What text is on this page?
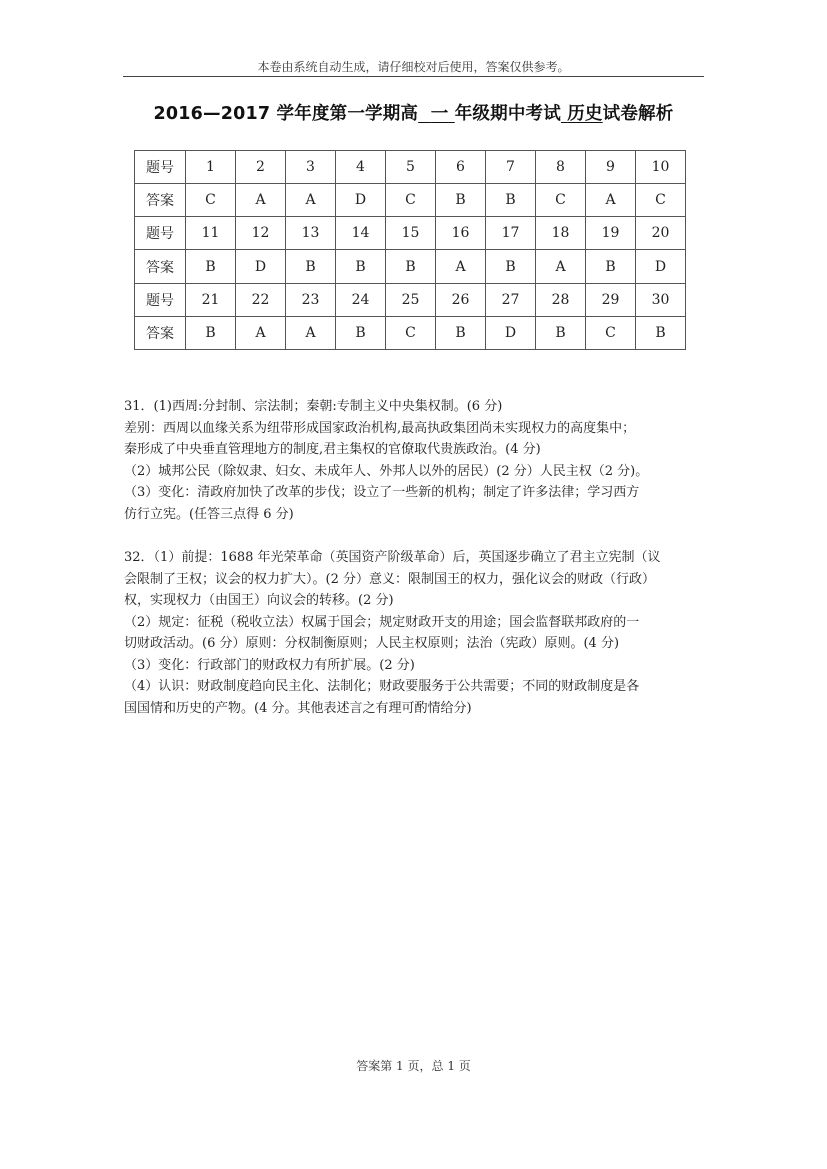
本卷由系统自动生成，请仔细校对后使用，答案仅供参考。
2016—2017 学年度第一学期高 一 年级期中考试 历史试卷解析
题号	1	2	3	4	5	6	7	8	9	10
答案	C	A	A	D	C	B	B	C	A	C
题号	11	12	13	14	15	16	17	18	19	20
答案	B	D	B	B	B	A	B	A	B	D
题号	21	22	23	24	25	26	27	28	29	30
答案	B	A	A	B	C	B	D	B	C	B

31．(1)西周:分封制、宗法制；秦朝:专制主义中央集权制。(6 分)

差别：西周以血缘关系为纽带形成国家政治机构,最高执政集团尚未实现权力的高度集中；

秦形成了中央垂直管理地方的制度,君主集权的官僚取代贵族政治。(4 分)

（2）城邦公民（除奴隶、妇女、未成年人、外邦人以外的居民）(2 分）人民主权（2 分)。

（3）变化：清政府加快了改革的步伐；设立了一些新的机构；制定了许多法律；学习西方

仿行立宪。(任答三点得 6 分)

32．（1）前提：1688 年光荣革命（英国资产阶级革命）后，英国逐步确立了君主立宪制（议

会限制了王权；议会的权力扩大）。(2 分）意义：限制国王的权力，强化议会的财政（行政）

权，实现权力（由国王）向议会的转移。(2 分)

（2）规定：征税（税收立法）权属于国会；规定财政开支的用途；国会监督联邦政府的一

切财政活动。(6 分）原则：分权制衡原则；人民主权原则；法治（宪政）原则。(4 分)

（3）变化：行政部门的财政权力有所扩展。(2 分)

（4）认识：财政制度趋向民主化、法制化；财政要服务于公共需要；不同的财政制度是各

国国情和历史的产物。(4 分。其他表述言之有理可酌情给分)

答案第 1 页，总 1 页
